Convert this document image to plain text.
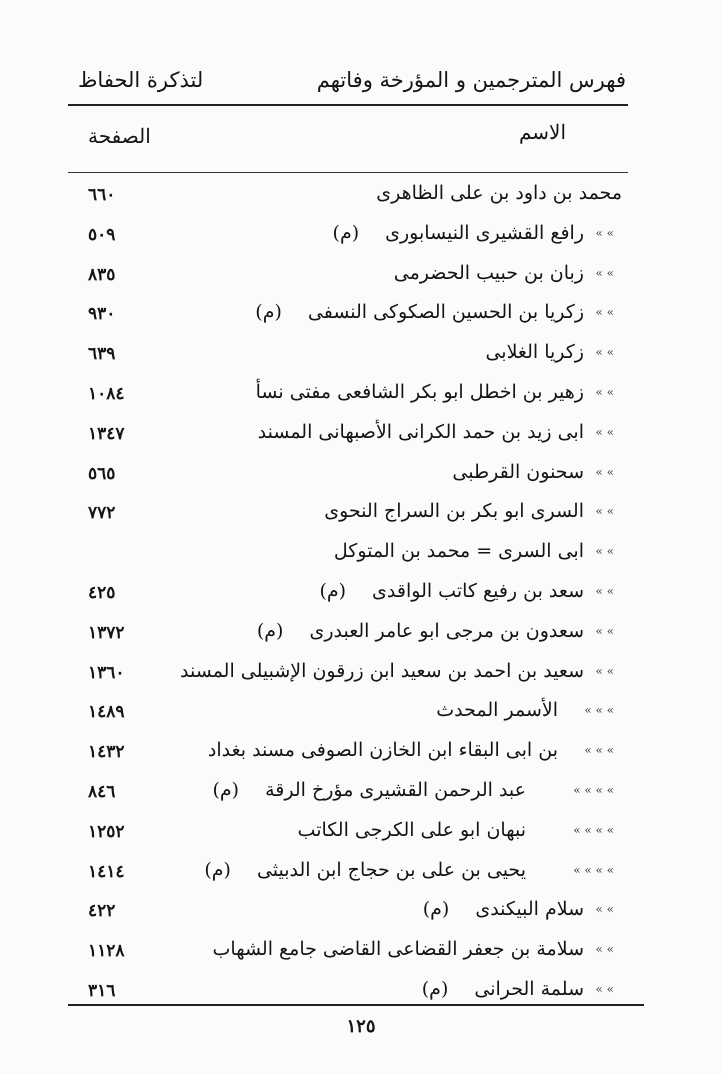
فهرس المترجمين و المؤرخة وفاتهم
لتذكرة الحفاظ
الاسم
الصفحة
محمد بن داود بن على الظاهرى
٦٦٠
» »
رافع القشيرى النيسابورى(م)
٥٠٩
» »
زبان بن حبيب الحضرمى
٨٣٥
» »
زكريا بن الحسين الصكوكى النسفى(م)
٩٣٠
» »
زكريا الغلابى
٦٣٩
» »
زهير بن اخطل ابو بكر الشافعى مفتى نسأ
١٠٨٤
» »
ابى زيد بن حمد الكرانى الأصبهانى المسند
١٣٤٧
» »
سحنون القرطبى
٥٦٥
» »
السرى ابو بكر بن السراج النحوى
٧٧٢
» »
ابى السرى = محمد بن المتوكل
» »
سعد بن رفيع كاتب الواقدى(م)
٤٢٥
» »
سعدون بن مرجى ابو عامر العبدرى(م)
١٣٧٢
» »
سعيد بن احمد بن سعيد ابن زرقون الإشبيلى المسند
١٣٦٠
» » »
الأسمر المحدث
١٤٨٩
» » »
بن ابى البقاء ابن الخازن الصوفى مسند بغداد
١٤٣٢
» » » »
عبد الرحمن القشيرى مؤرخ الرقة(م)
٨٤٦
» » » »
نبهان ابو على الكرجى الكاتب
١٢٥٢
» » » »
يحيى بن على بن حجاج ابن الدبيثى(م)
١٤١٤
» »
سلام البيكندى(م)
٤٢٢
» »
سلامة بن جعفر القضاعى القاضى جامع الشهاب
١١٢٨
» »
سلمة الحرانى(م)
٣١٦
١٢٥
